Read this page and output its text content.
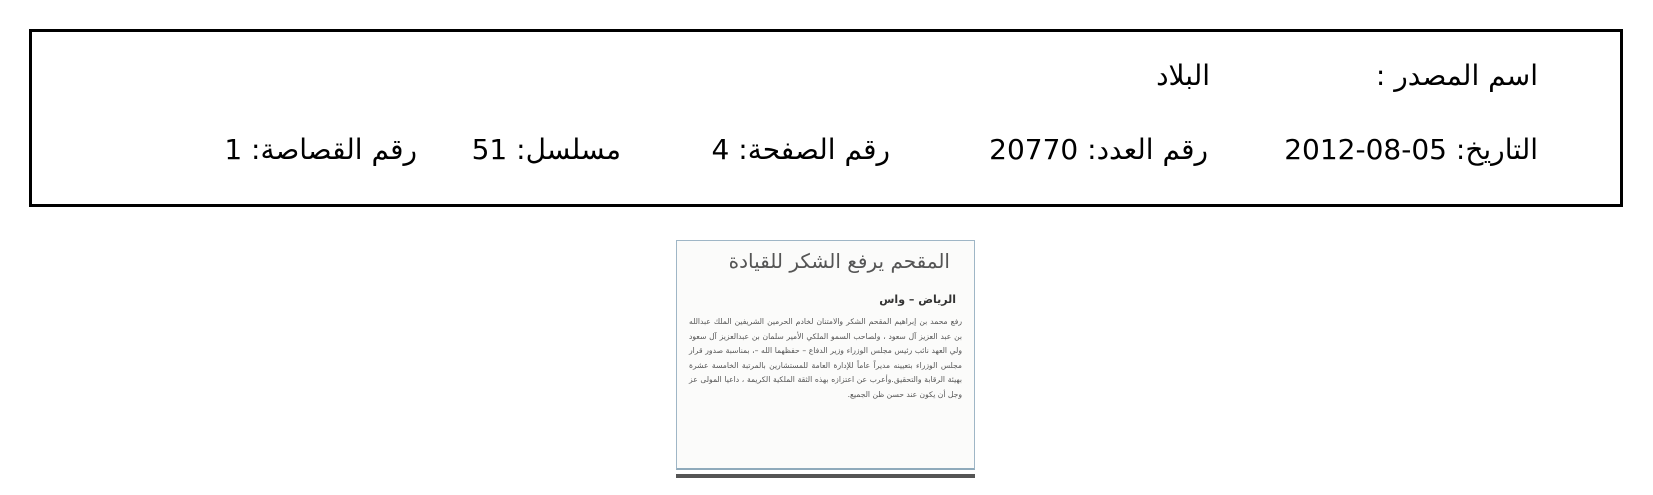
اسم المصدر :
البلاد
التاريخ: 05-08-2012
رقم العدد: 20770
رقم الصفحة: 4
مسلسل: 51
رقم القصاصة: 1
المقحم يرفع الشكر للقيادة
الرياض – واس
رفع محمد بن إبراهيم المقحم الشكر والامتنان لخادم الحرمين الشريفين الملك عبدالله بن عبد العزيز آل سعود ، ولصاحب السمو الملكي الأمير سلمان بن عبدالعزيز آل سعود ولي العهد نائب رئيس مجلس الوزراء وزير الدفاع – حفظهما الله –، بمناسبة صدور قرار مجلس الوزراء بتعيينه مديراً عاماً للإدارة العامة للمستشارين بالمرتبة الخامسة عشرة بهيئة الرقابة والتحقيق.وأعرب عن اعتزازه بهذه الثقة الملكية الكريمة ، داعيا المولى عز وجل أن يكون عند حسن ظن الجميع.
